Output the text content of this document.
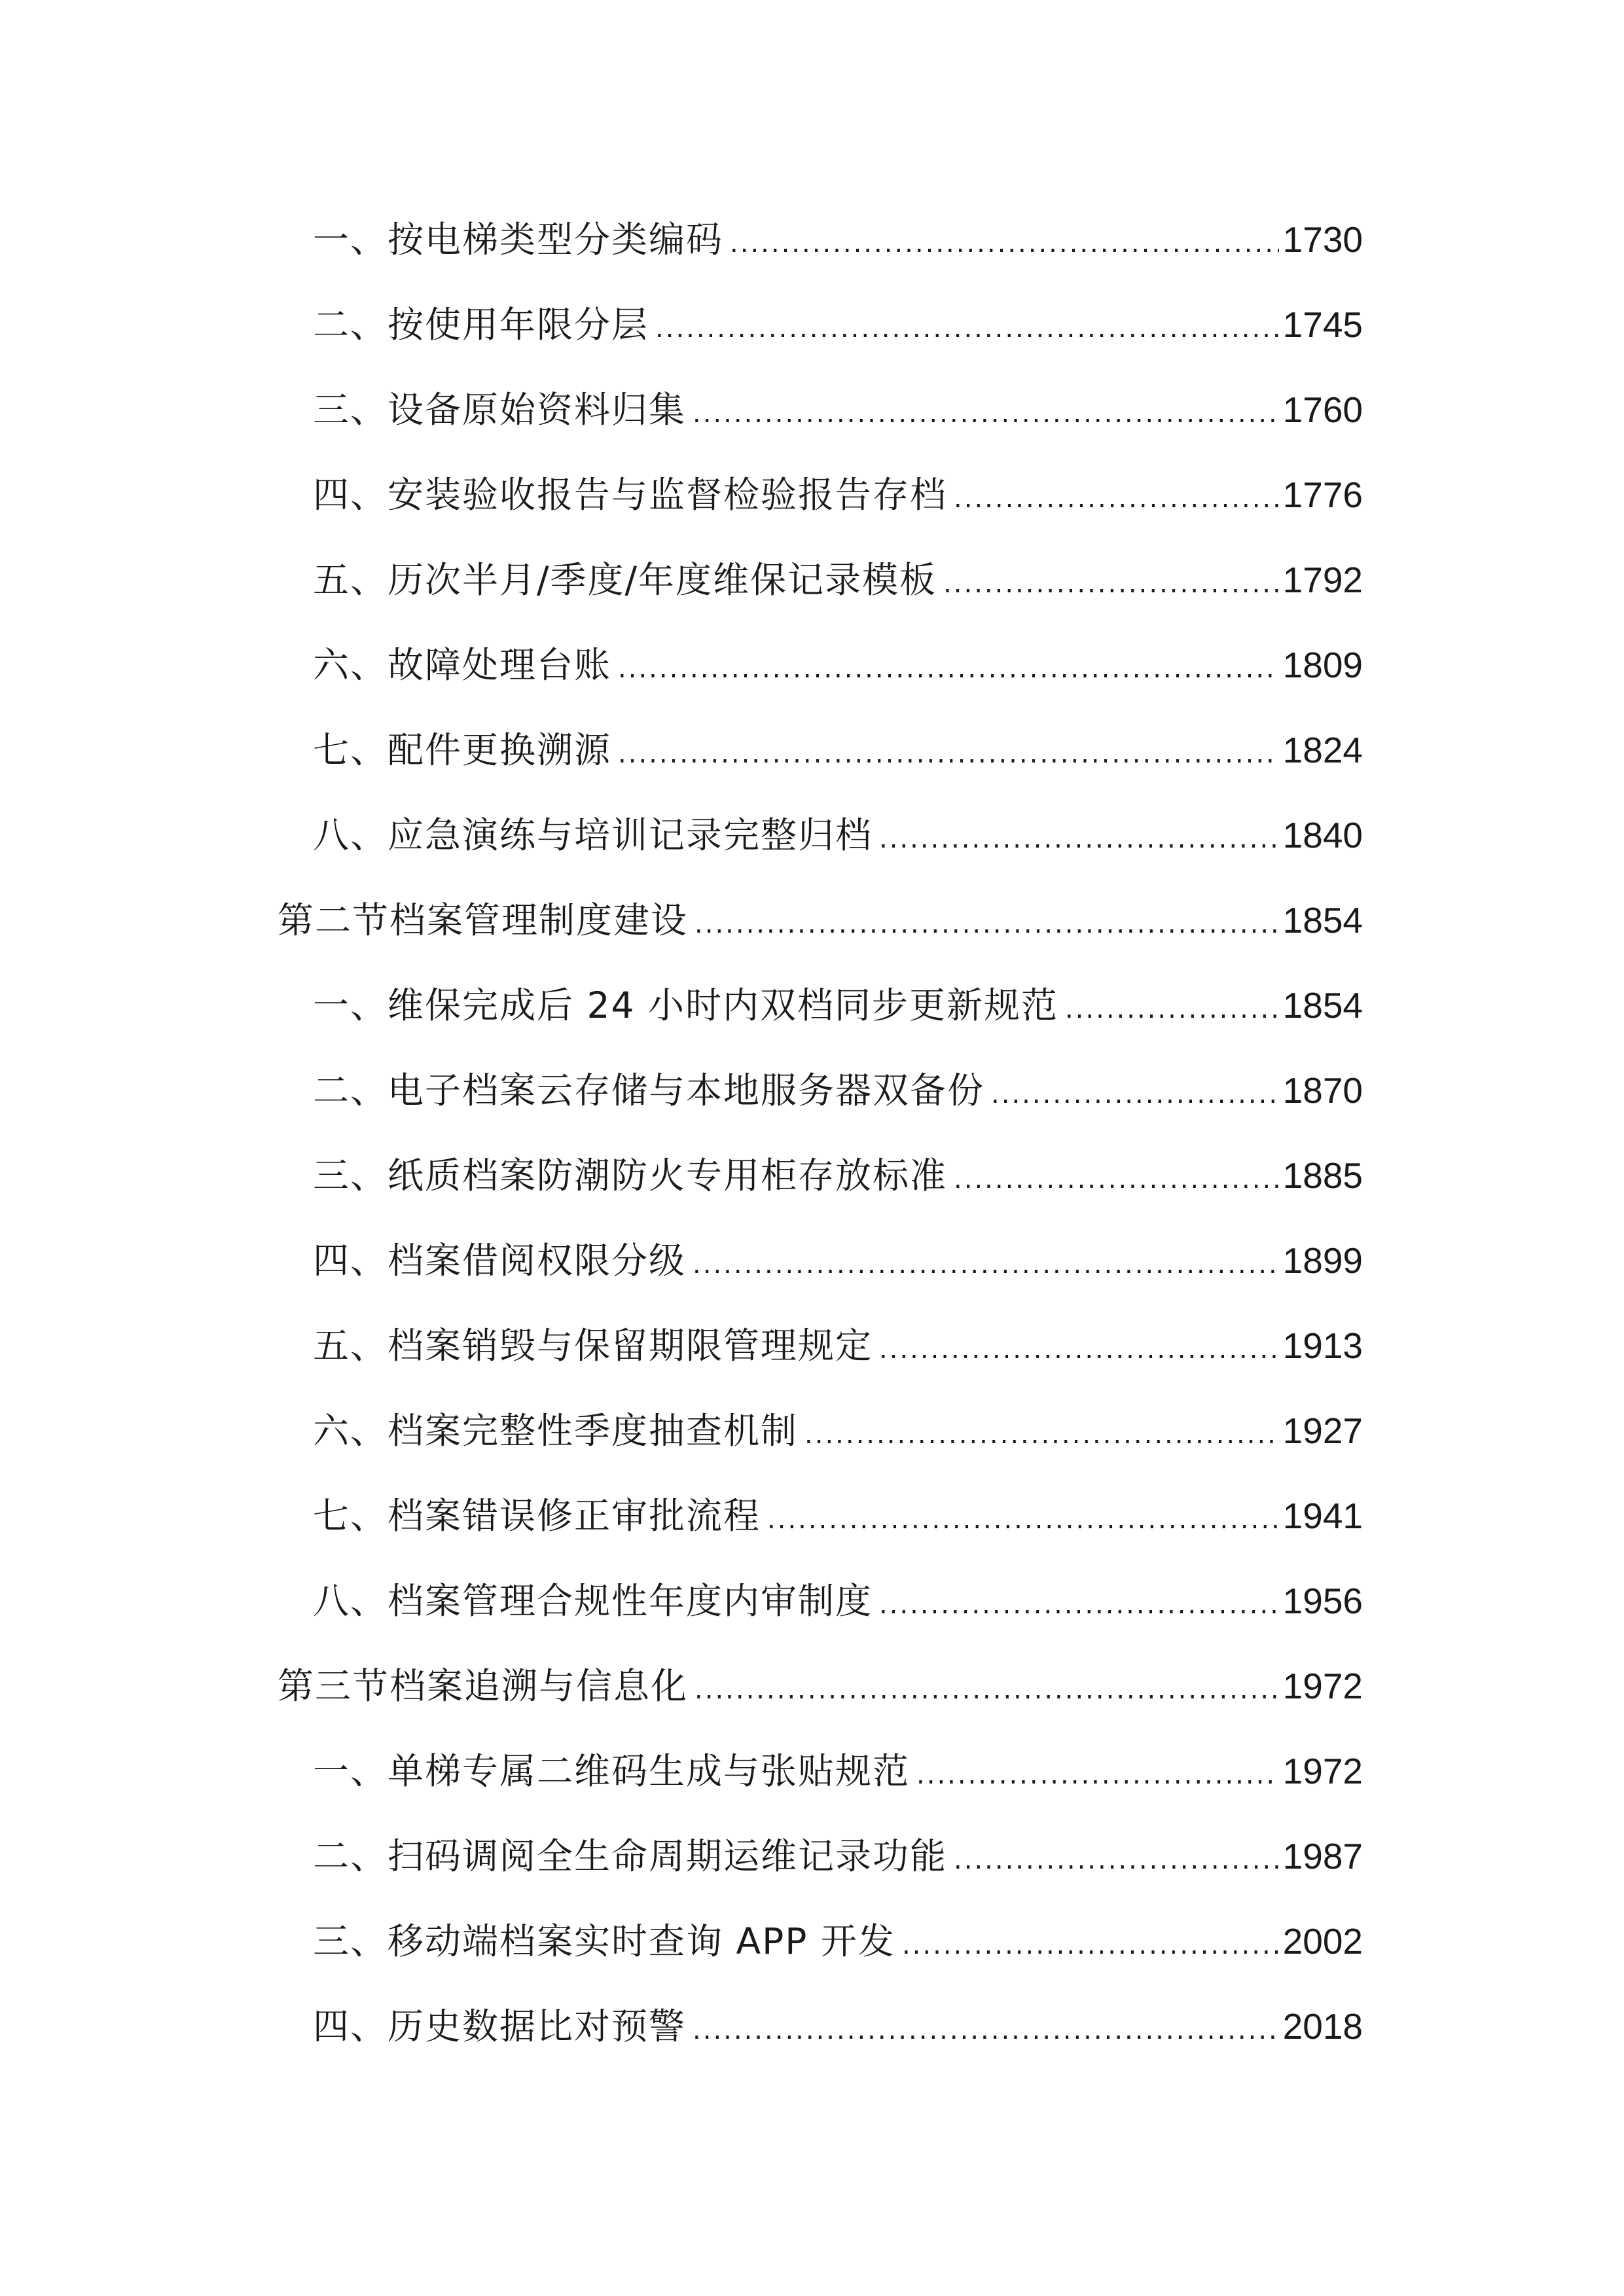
一、按电梯类型分类编码 .....	1730
二、按使用年限分层 .....	1745
三、设备原始资料归集 .....	1760
四、安装验收报告与监督检验报告存档 .....	1776
五、历次半月/季度/年度维保记录模板 .....	1792
六、故障处理台账 .....	1809
七、配件更换溯源 .....	1824
八、应急演练与培训记录完整归档 .....	1840
第二节档案管理制度建设 .....	1854
一、维保完成后 24 小时内双档同步更新规范 .....	1854
二、电子档案云存储与本地服务器双备份 .....	1870
三、纸质档案防潮防火专用柜存放标准 .....	1885
四、档案借阅权限分级 .....	1899
五、档案销毁与保留期限管理规定 .....	1913
六、档案完整性季度抽查机制 .....	1927
七、档案错误修正审批流程 .....	1941
八、档案管理合规性年度内审制度 .....	1956
第三节档案追溯与信息化 .....	1972
一、单梯专属二维码生成与张贴规范 .....	1972
二、扫码调阅全生命周期运维记录功能 .....	1987
三、移动端档案实时查询 APP 开发 .....	2002
四、历史数据比对预警 .....	2018
